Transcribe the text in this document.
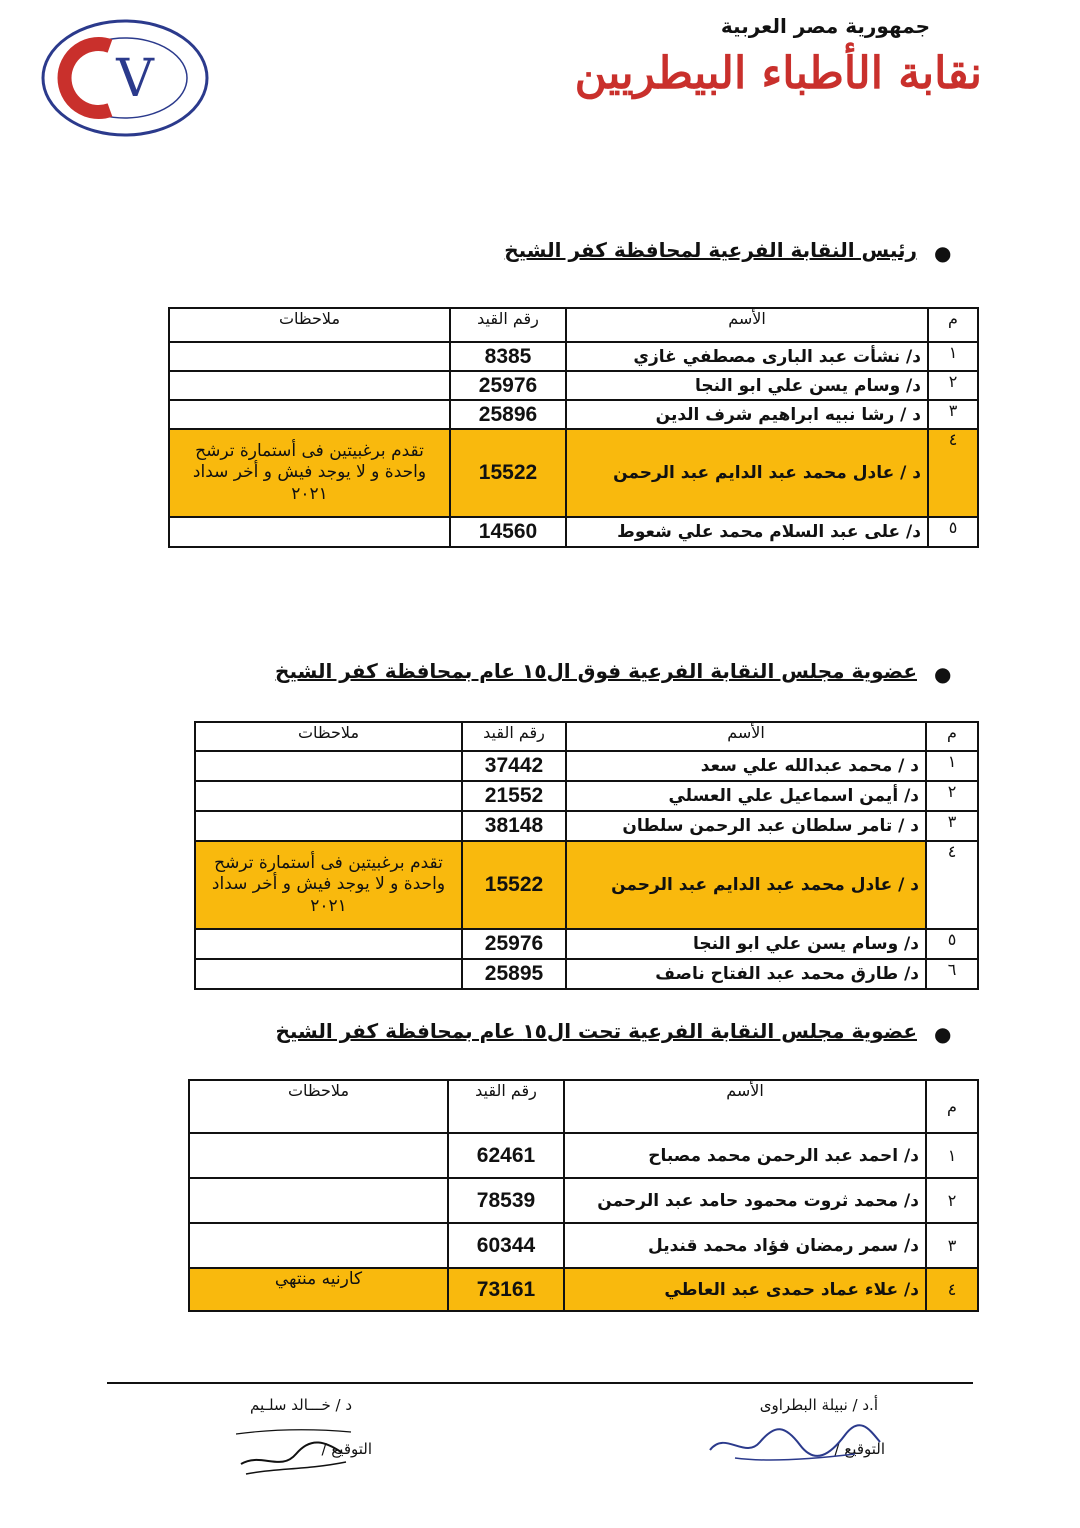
V
جمهورية مصر العربية
نقابة الأطباء البيطريين
●
رئيس النقابة الفرعية لمحافظة كفر الشيخ
م	الأسم	رقم القيد	ملاحظات
١	د/ نشأت عبد البارى مصطفي غازي	8385	
٢	د/ وسام يسن علي ابو النجا	25976	
٣	د / رشا نبيه ابراهيم شرف الدين	25896	
٤	د / عادل محمد عبد الدايم عبد الرحمن	15522	تقدم برغبيتين فى أستمارة ترشح واحدة و لا يوجد فيش و أخر سداد ٢٠٢١
٥	د/ على عبد السلام محمد علي شعوط	14560	
●
عضوية مجلس النقابة الفرعية فوق ال١٥ عام بمحافظة كفر الشيخ
م	الأسم	رقم القيد	ملاحظات
١	د / محمد عبدالله علي سعد	37442	
٢	د/ أيمن اسماعيل علي العسلي	21552	
٣	د / تامر سلطان عبد الرحمن سلطان	38148	
٤	د / عادل محمد عبد الدايم عبد الرحمن	15522	تقدم برغبيتين فى أستمارة ترشح واحدة و لا يوجد فيش و أخر سداد ٢٠٢١
٥	د/ وسام يسن علي ابو النجا	25976	
٦	د/ طارق محمد عبد الفتاح ناصف	25895	
●
عضوية مجلس النقابة الفرعية تحت ال١٥ عام بمحافظة كفر الشيخ
م	الأسم	رقم القيد	ملاحظات
١	د/ احمد عبد الرحمن محمد مصباح	62461	
٢	د/ محمد ثروت محمود حامد عبد الرحمن	78539	
٣	د/ سمر رمضان فؤاد محمد قنديل	60344	
٤	د/ علاء عماد حمدى عبد العاطي	73161	كارنيه منتهي
أ.د / نبيلة البطراوى
التوقيع /
د / خـــالد سلـيم
التوقيع /
